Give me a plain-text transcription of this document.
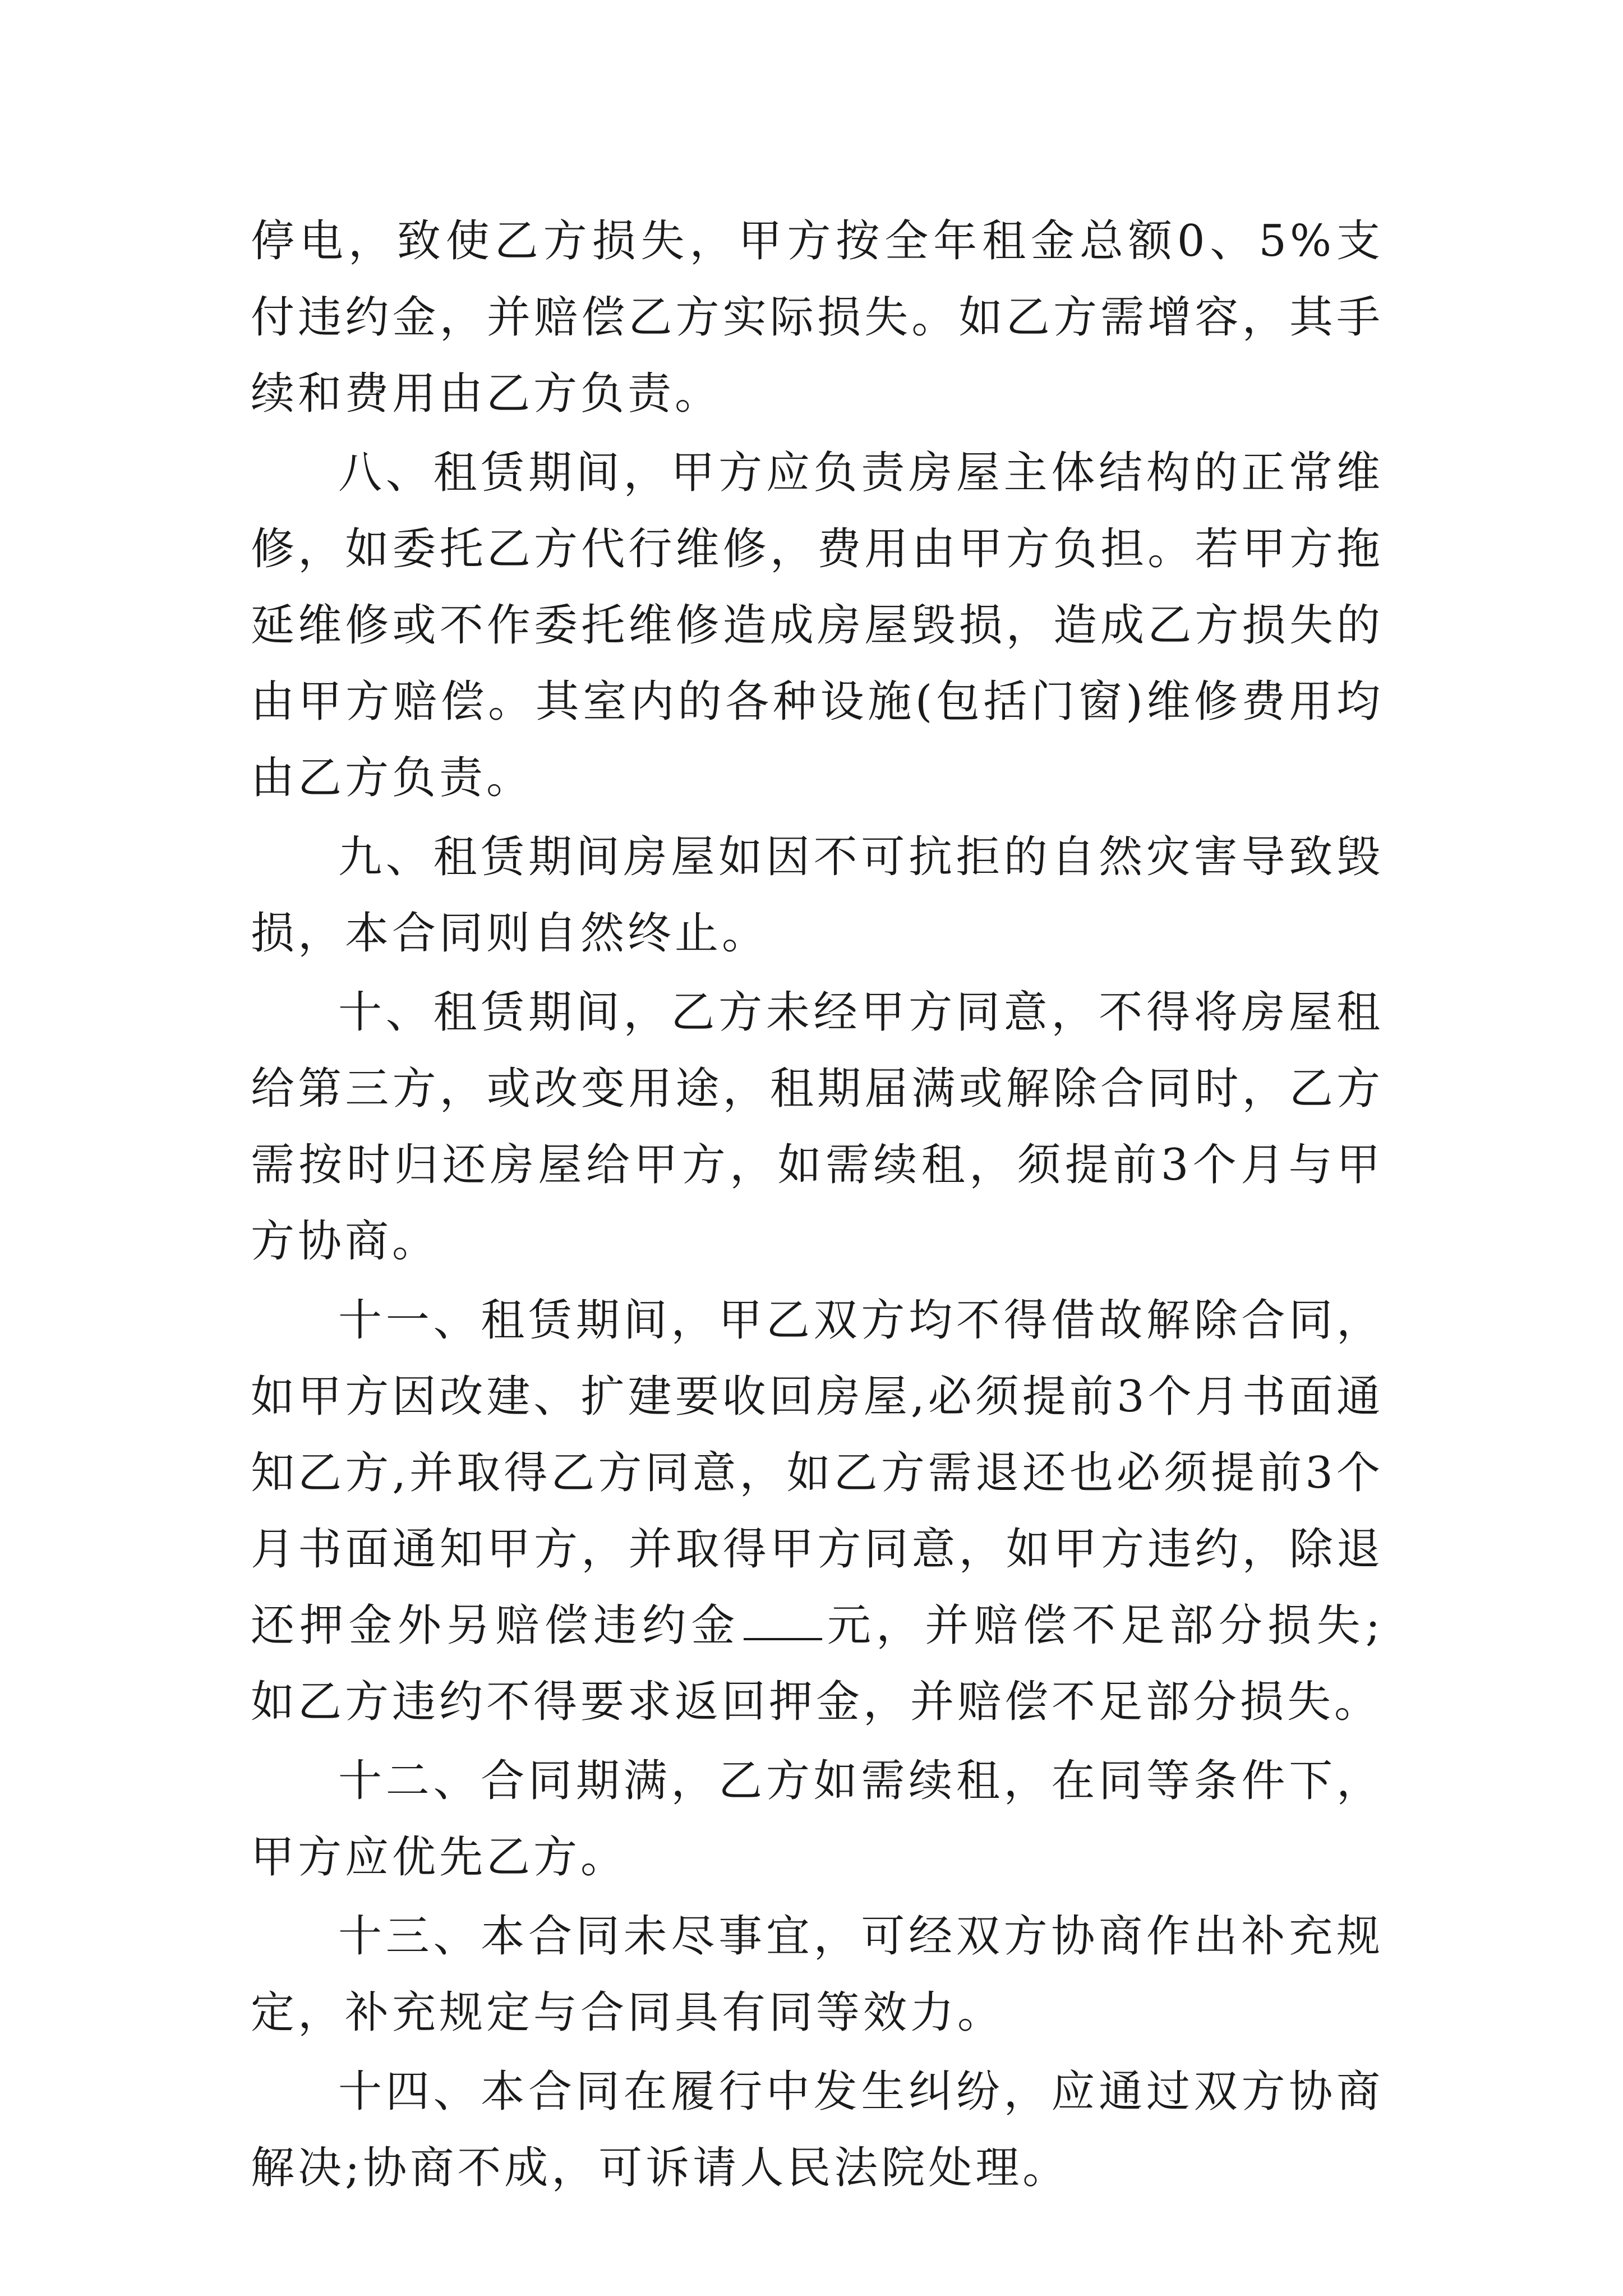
停电，致使乙方损失，甲方按全年租金总额0、5%支付违约金，并赔偿乙方实际损失。如乙方需增容，其手续和费用由乙方负责。

八、租赁期间，甲方应负责房屋主体结构的正常维修，如委托乙方代行维修，费用由甲方负担。若甲方拖延维修或不作委托维修造成房屋毁损，造成乙方损失的由甲方赔偿。其室内的各种设施(包括门窗)维修费用均由乙方负责。

九、租赁期间房屋如因不可抗拒的自然灾害导致毁损，本合同则自然终止。

十、租赁期间，乙方未经甲方同意，不得将房屋租给第三方，或改变用途，租期届满或解除合同时，乙方需按时归还房屋给甲方，如需续租，须提前3个月与甲方协商。

十一、租赁期间，甲乙双方均不得借故解除合同，如甲方因改建、扩建要收回房屋,必须提前3个月书面通知乙方,并取得乙方同意，如乙方需退还也必须提前3个月书面通知甲方，并取得甲方同意，如甲方违约，除退还押金外另赔偿违约金 元，并赔偿不足部分损失;如乙方违约不得要求返回押金，并赔偿不足部分损失。

十二、合同期满，乙方如需续租，在同等条件下，甲方应优先乙方。

十三、本合同未尽事宜，可经双方协商作出补充规定，补充规定与合同具有同等效力。

十四、本合同在履行中发生纠纷，应通过双方协商解决;协商不成，可诉请人民法院处理。
